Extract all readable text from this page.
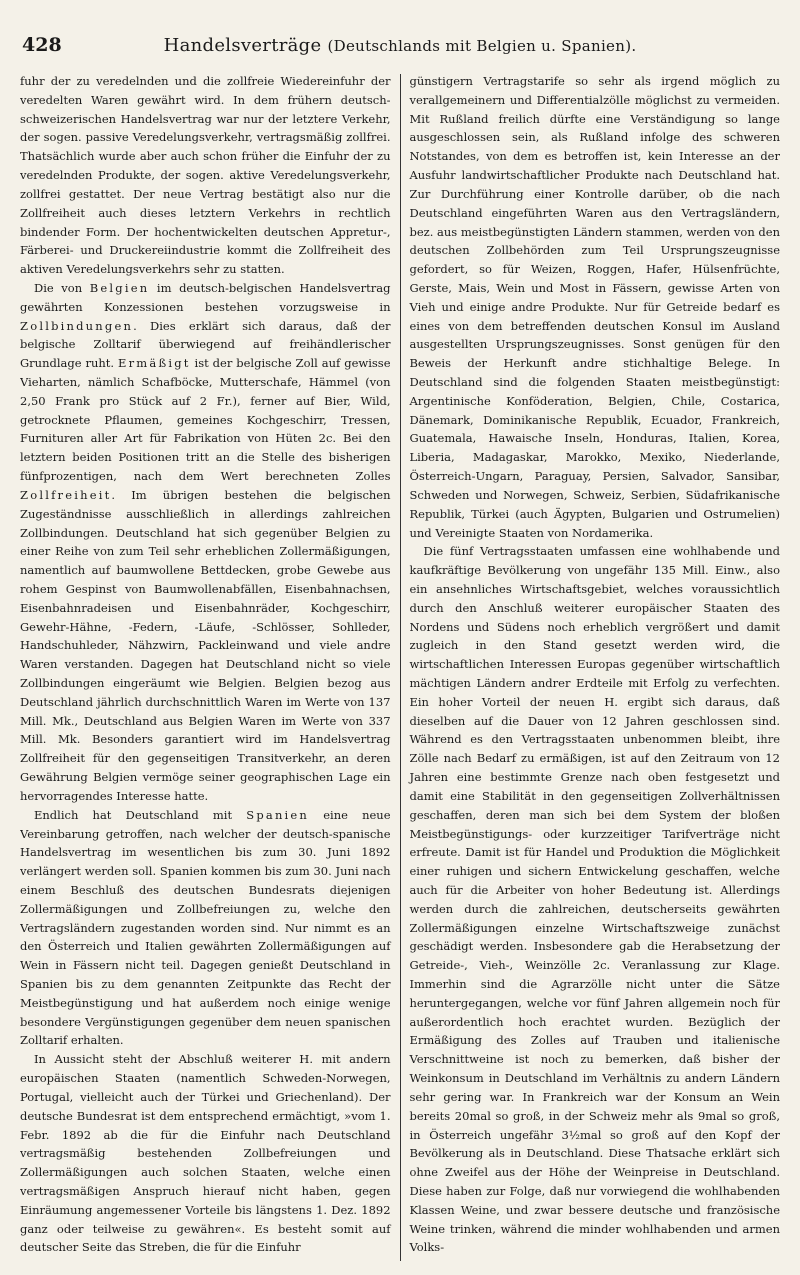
428	Handelsverträge (Deutschlands mit Belgien u. Spanien).

fuhr der zu veredelnden und die zollfreie Wiedereinfuhr der veredelten Waren gewährt wird. In dem frühern deutsch-schweizerischen Handelsvertrag war nur der letztere Verkehr, der sogen. passive Veredelungsverkehr, vertragsmäßig zollfrei. Thatsächlich wurde aber auch schon früher die Einfuhr der zu veredelnden Produkte, der sogen. aktive Veredelungsverkehr, zollfrei gestattet. Der neue Vertrag bestätigt also nur die Zollfreiheit auch dieses letztern Verkehrs in rechtlich bindender Form. Der hochentwickelten deutschen Appretur-, Färberei- und Druckereiindustrie kommt die Zollfreiheit des aktiven Veredelungsverkehrs sehr zu statten.

Die von Belgien im deutsch-belgischen Handelsvertrag gewährten Konzessionen bestehen vorzugsweise in Zollbindungen. Dies erklärt sich daraus, daß der belgische Zolltarif überwiegend auf freihändlerischer Grundlage ruht. Ermäßigt ist der belgische Zoll auf gewisse Vieharten, nämlich Schafböcke, Mutterschafe, Hämmel (von 2,50 Frank pro Stück auf 2 Fr.), ferner auf Bier, Wild, getrocknete Pflaumen, gemeines Kochgeschirr, Tressen, Furnituren aller Art für Fabrikation von Hüten 2c. Bei den letztern beiden Positionen tritt an die Stelle des bisherigen fünfprozentigen, nach dem Wert berechneten Zolles Zollfreiheit. Im übrigen bestehen die belgischen Zugeständnisse ausschließlich in allerdings zahlreichen Zollbindungen. Deutschland hat sich gegenüber Belgien zu einer Reihe von zum Teil sehr erheblichen Zollermäßigungen, namentlich auf baumwollene Bettdecken, grobe Gewebe aus rohem Gespinst von Baumwollenabfällen, Eisenbahnachsen, Eisenbahnradeisen und Eisenbahnräder, Kochgeschirr, Gewehr-Hähne, -Federn, -Läufe, -Schlösser, Sohlleder, Handschuhleder, Nähzwirn, Packleinwand und viele andre Waren verstanden. Dagegen hat Deutschland nicht so viele Zollbindungen eingeräumt wie Belgien. Belgien bezog aus Deutschland jährlich durchschnittlich Waren im Werte von 137 Mill. Mk., Deutschland aus Belgien Waren im Werte von 337 Mill. Mk. Besonders garantiert wird im Handelsvertrag Zollfreiheit für den gegenseitigen Transitverkehr, an deren Gewährung Belgien vermöge seiner geographischen Lage ein hervorragendes Interesse hatte.

Endlich hat Deutschland mit Spanien eine neue Vereinbarung getroffen, nach welcher der deutsch-spanische Handelsvertrag im wesentlichen bis zum 30. Juni 1892 verlängert werden soll. Spanien kommen bis zum 30. Juni nach einem Beschluß des deutschen Bundesrats diejenigen Zollermäßigungen und Zollbefreiungen zu, welche den Vertragsländern zugestanden worden sind. Nur nimmt es an den Österreich und Italien gewährten Zollermäßigungen auf Wein in Fässern nicht teil. Dagegen genießt Deutschland in Spanien bis zu dem genannten Zeitpunkte das Recht der Meistbegünstigung und hat außerdem noch einige wenige besondere Vergünstigungen gegenüber dem neuen spanischen Zolltarif erhalten.

In Aussicht steht der Abschluß weiterer H. mit andern europäischen Staaten (namentlich Schweden-Norwegen, Portugal, vielleicht auch der Türkei und Griechenland). Der deutsche Bundesrat ist dem entsprechend ermächtigt, »vom 1. Febr. 1892 ab die für die Einfuhr nach Deutschland vertragsmäßig bestehenden Zollbefreiungen und Zollermäßigungen auch solchen Staaten, welche einen vertragsmäßigen Anspruch hierauf nicht haben, gegen Einräumung angemessener Vorteile bis längstens 1. Dez. 1892 ganz oder teilweise zu gewähren«. Es besteht somit auf deutscher Seite das Streben, die für die Einfuhr

günstigern Vertragstarife so sehr als irgend möglich zu verallgemeinern und Differentialzölle möglichst zu vermeiden. Mit Rußland freilich dürfte eine Verständigung so lange ausgeschlossen sein, als Rußland infolge des schweren Notstandes, von dem es betroffen ist, kein Interesse an der Ausfuhr landwirtschaftlicher Produkte nach Deutschland hat. Zur Durchführung einer Kontrolle darüber, ob die nach Deutschland eingeführten Waren aus den Vertragsländern, bez. aus meistbegünstigten Ländern stammen, werden von den deutschen Zollbehörden zum Teil Ursprungszeugnisse gefordert, so für Weizen, Roggen, Hafer, Hülsenfrüchte, Gerste, Mais, Wein und Most in Fässern, gewisse Arten von Vieh und einige andre Produkte. Nur für Getreide bedarf es eines von dem betreffenden deutschen Konsul im Ausland ausgestellten Ursprungszeugnisses. Sonst genügen für den Beweis der Herkunft andre stichhaltige Belege. In Deutschland sind die folgenden Staaten meistbegünstigt: Argentinische Konföderation, Belgien, Chile, Costarica, Dänemark, Dominikanische Republik, Ecuador, Frankreich, Guatemala, Hawaische Inseln, Honduras, Italien, Korea, Liberia, Madagaskar, Marokko, Mexiko, Niederlande, Österreich-Ungarn, Paraguay, Persien, Salvador, Sansibar, Schweden und Norwegen, Schweiz, Serbien, Südafrikanische Republik, Türkei (auch Ägypten, Bulgarien und Ostrumelien) und Vereinigte Staaten von Nordamerika.

Die fünf Vertragsstaaten umfassen eine wohlhabende und kaufkräftige Bevölkerung von ungefähr 135 Mill. Einw., also ein ansehnliches Wirtschaftsgebiet, welches voraussichtlich durch den Anschluß weiterer europäischer Staaten des Nordens und Südens noch erheblich vergrößert und damit zugleich in den Stand gesetzt werden wird, die wirtschaftlichen Interessen Europas gegenüber wirtschaftlich mächtigen Ländern andrer Erdteile mit Erfolg zu verfechten. Ein hoher Vorteil der neuen H. ergibt sich daraus, daß dieselben auf die Dauer von 12 Jahren geschlossen sind. Während es den Vertragsstaaten unbenommen bleibt, ihre Zölle nach Bedarf zu ermäßigen, ist auf den Zeitraum von 12 Jahren eine bestimmte Grenze nach oben festgesetzt und damit eine Stabilität in den gegenseitigen Zollverhältnissen geschaffen, deren man sich bei dem System der bloßen Meistbegünstigungs- oder kurzzeitiger Tarifverträge nicht erfreute. Damit ist für Handel und Produktion die Möglichkeit einer ruhigen und sichern Entwickelung geschaffen, welche auch für die Arbeiter von hoher Bedeutung ist. Allerdings werden durch die zahlreichen, deutscherseits gewährten Zollermäßigungen einzelne Wirtschaftszweige zunächst geschädigt werden. Insbesondere gab die Herabsetzung der Getreide-, Vieh-, Weinzölle 2c. Veranlassung zur Klage. Immerhin sind die Agrarzölle nicht unter die Sätze heruntergegangen, welche vor fünf Jahren allgemein noch für außerordentlich hoch erachtet wurden. Bezüglich der Ermäßigung des Zolles auf Trauben und italienische Verschnittweine ist noch zu bemerken, daß bisher der Weinkonsum in Deutschland im Verhältnis zu andern Ländern sehr gering war. In Frankreich war der Konsum an Wein bereits 20mal so groß, in der Schweiz mehr als 9mal so groß, in Österreich ungefähr 3½mal so groß auf den Kopf der Bevölkerung als in Deutschland. Diese Thatsache erklärt sich ohne Zweifel aus der Höhe der Weinpreise in Deutschland. Diese haben zur Folge, daß nur vorwiegend die wohlhabenden Klassen Weine, und zwar bessere deutsche und französische Weine trinken, während die minder wohlhabenden und armen Volks-
